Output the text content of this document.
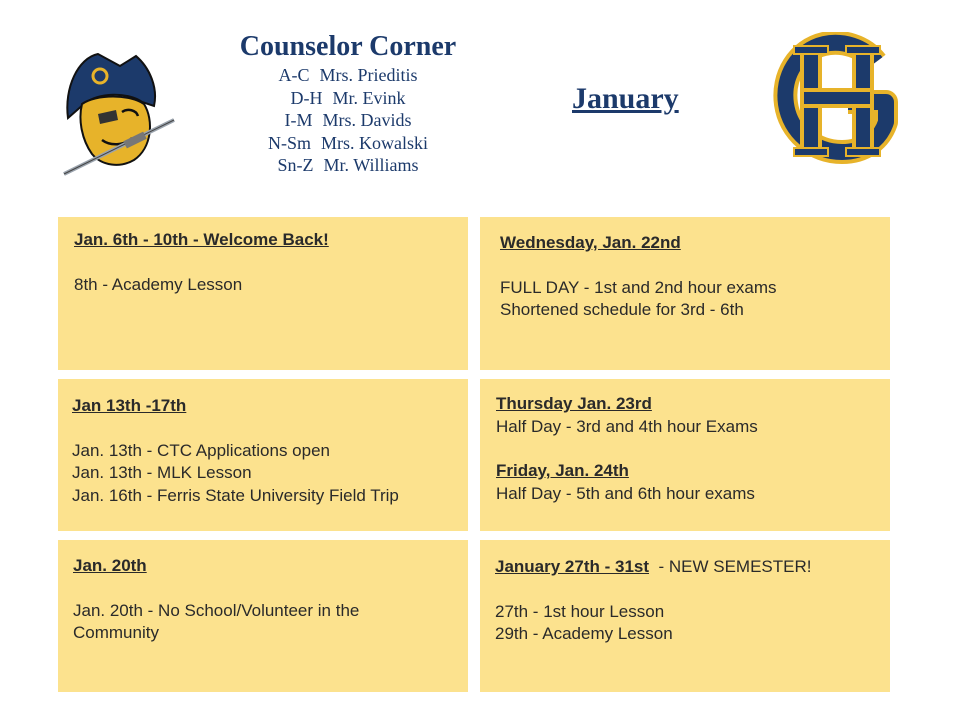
Counselor Corner
A-C Mrs. Prieditis
D-H Mr. Evink
I-M Mrs. Davids
N-Sm Mrs. Kowalski
Sn-Z Mr. Williams
January
Jan. 6th - 10th - Welcome Back!
8th - Academy Lesson
Wednesday, Jan. 22nd
FULL DAY - 1st and 2nd hour exams
Shortened schedule for 3rd - 6th
Jan 13th -17th
Jan. 13th - CTC Applications open
Jan. 13th - MLK Lesson
Jan. 16th - Ferris State University Field Trip
Thursday Jan. 23rd
Half Day - 3rd and 4th hour Exams
Friday, Jan. 24th
Half Day - 5th and 6th hour exams
Jan. 20th
Jan. 20th - No School/Volunteer in the
Community
January 27th - 31st  - NEW SEMESTER!
27th - 1st hour Lesson
29th - Academy Lesson
